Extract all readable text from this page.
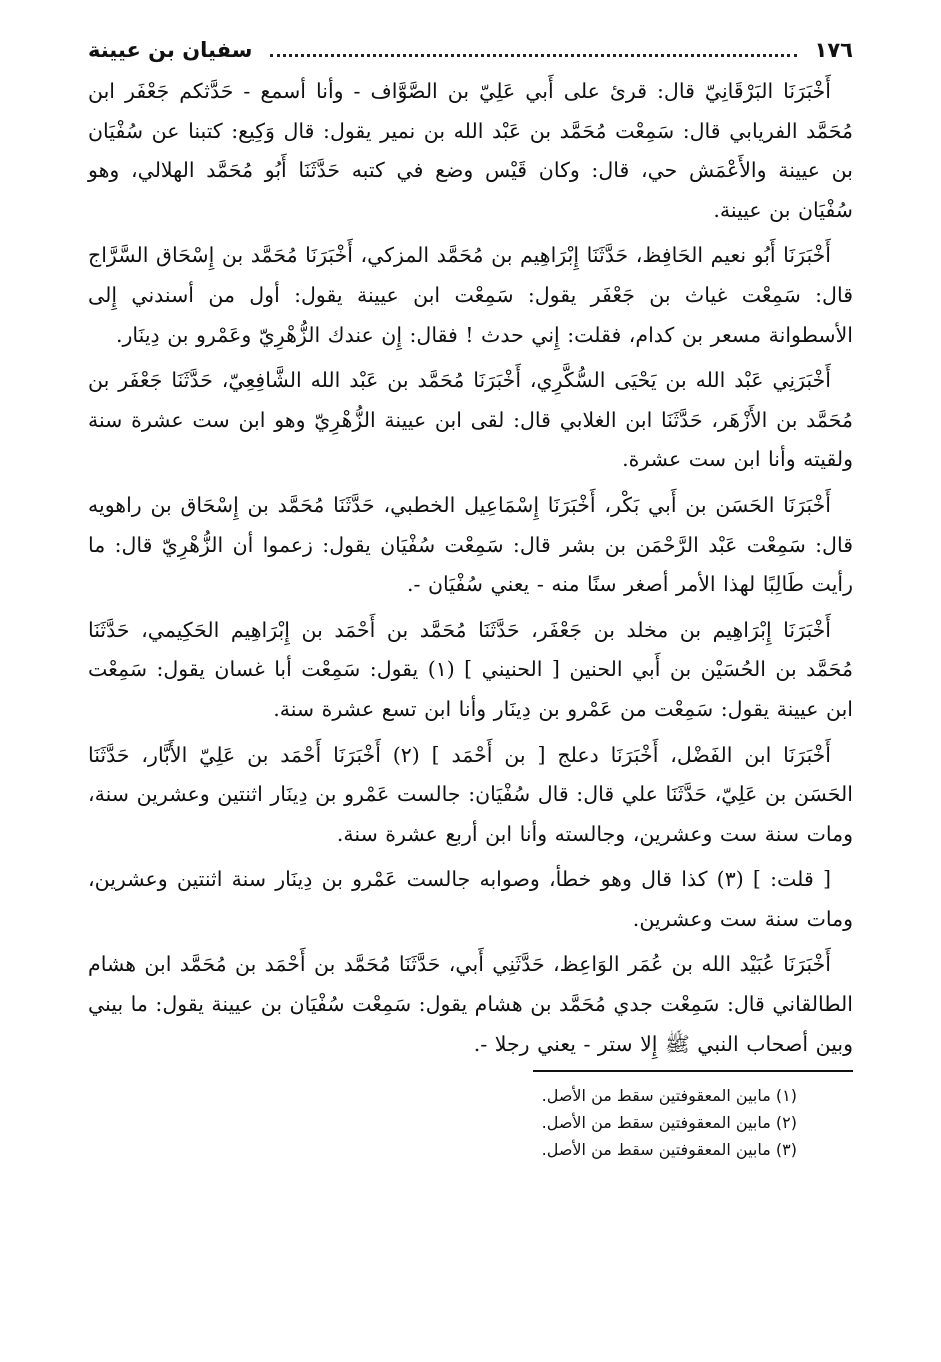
١٧٦
سفيان بن عيينة

أَخْبَرَنَا البَرْقَانِيّ قال: قرئ على أَبي عَلِيّ بن الصَّوَّاف - وأنا أسمع - حَدَّثكم جَعْفَر ابن مُحَمَّد الفريابي قال: سَمِعْت مُحَمَّد بن عَبْد الله بن نمير يقول: قال وَكِيع: كتبنا عن سُفْيَان بن عيينة والأَعْمَش حي، قال: وكان قَيْس وضع في كتبه حَدَّثَنَا أَبُو مُحَمَّد الهلالي، وهو سُفْيَان بن عيينة.

أَخْبَرَنَا أَبُو نعيم الحَافِظ، حَدَّثَنَا إِبْرَاهِيم بن مُحَمَّد المزكي، أَخْبَرَنَا مُحَمَّد بن إِسْحَاق السَّرَّاج قال: سَمِعْت غياث بن جَعْفَر يقول: سَمِعْت ابن عيينة يقول: أول من أسندني إِلى الأسطوانة مسعر بن كدام، فقلت: إِني حدث ! فقال: إِن عندك الزُّهْرِيّ وعَمْرو بن دِينَار.

أَخْبَرَنِي عَبْد الله بن يَحْيَى السُّكَّرِي، أَخْبَرَنَا مُحَمَّد بن عَبْد الله الشَّافِعِيّ، حَدَّثَنَا جَعْفَر بن مُحَمَّد بن الأَزْهَر، حَدَّثَنَا ابن الغلابي قال: لقى ابن عيينة الزُّهْرِيّ وهو ابن ست عشرة سنة ولقيته وأنا ابن ست عشرة.

أَخْبَرَنَا الحَسَن بن أَبي بَكْر، أَخْبَرَنَا إِسْمَاعِيل الخطبي، حَدَّثَنَا مُحَمَّد بن إِسْحَاق بن راهويه قال: سَمِعْت عَبْد الرَّحْمَن بن بشر قال: سَمِعْت سُفْيَان يقول: زعموا أن الزُّهْرِيّ قال: ما رأيت طَالِبًا لهذا الأمر أصغر سنًا منه - يعني سُفْيَان -.

أَخْبَرَنَا إِبْرَاهِيم بن مخلد بن جَعْفَر، حَدَّثَنَا مُحَمَّد بن أَحْمَد بن إِبْرَاهِيم الحَكِيمي، حَدَّثَنَا مُحَمَّد بن الحُسَيْن بن أَبي الحنين [ الحنيني ] (١) يقول: سَمِعْت أبا غسان يقول: سَمِعْت ابن عيينة يقول: سَمِعْت من عَمْرو بن دِينَار وأنا ابن تسع عشرة سنة.

أَخْبَرَنَا ابن الفَضْل، أَخْبَرَنَا دعلج [ بن أَحْمَد ] (٢) أَخْبَرَنَا أَحْمَد بن عَلِيّ الأَبَّار، حَدَّثَنَا الحَسَن بن عَلِيّ، حَدَّثَنَا علي قال: قال سُفْيَان: جالست عَمْرو بن دِينَار اثنتين وعشرين سنة، ومات سنة ست وعشرين، وجالسته وأنا ابن أربع عشرة سنة.

[ قلت: ] (٣) كذا قال وهو خطأ، وصوابه جالست عَمْرو بن دِينَار سنة اثنتين وعشرين، ومات سنة ست وعشرين.

أَخْبَرَنَا عُبَيْد الله بن عُمَر الوَاعِظ، حَدَّثَنِي أَبي، حَدَّثَنَا مُحَمَّد بن أَحْمَد بن مُحَمَّد ابن هشام الطالقاني قال: سَمِعْت جدي مُحَمَّد بن هشام يقول: سَمِعْت سُفْيَان بن عيينة يقول: ما بيني وبين أصحاب النبي ﷺ إِلا ستر - يعني رجلا -.

(١) مابين المعقوفتين سقط من الأصل.
(٢) مابين المعقوفتين سقط من الأصل.
(٣) مابين المعقوفتين سقط من الأصل.
